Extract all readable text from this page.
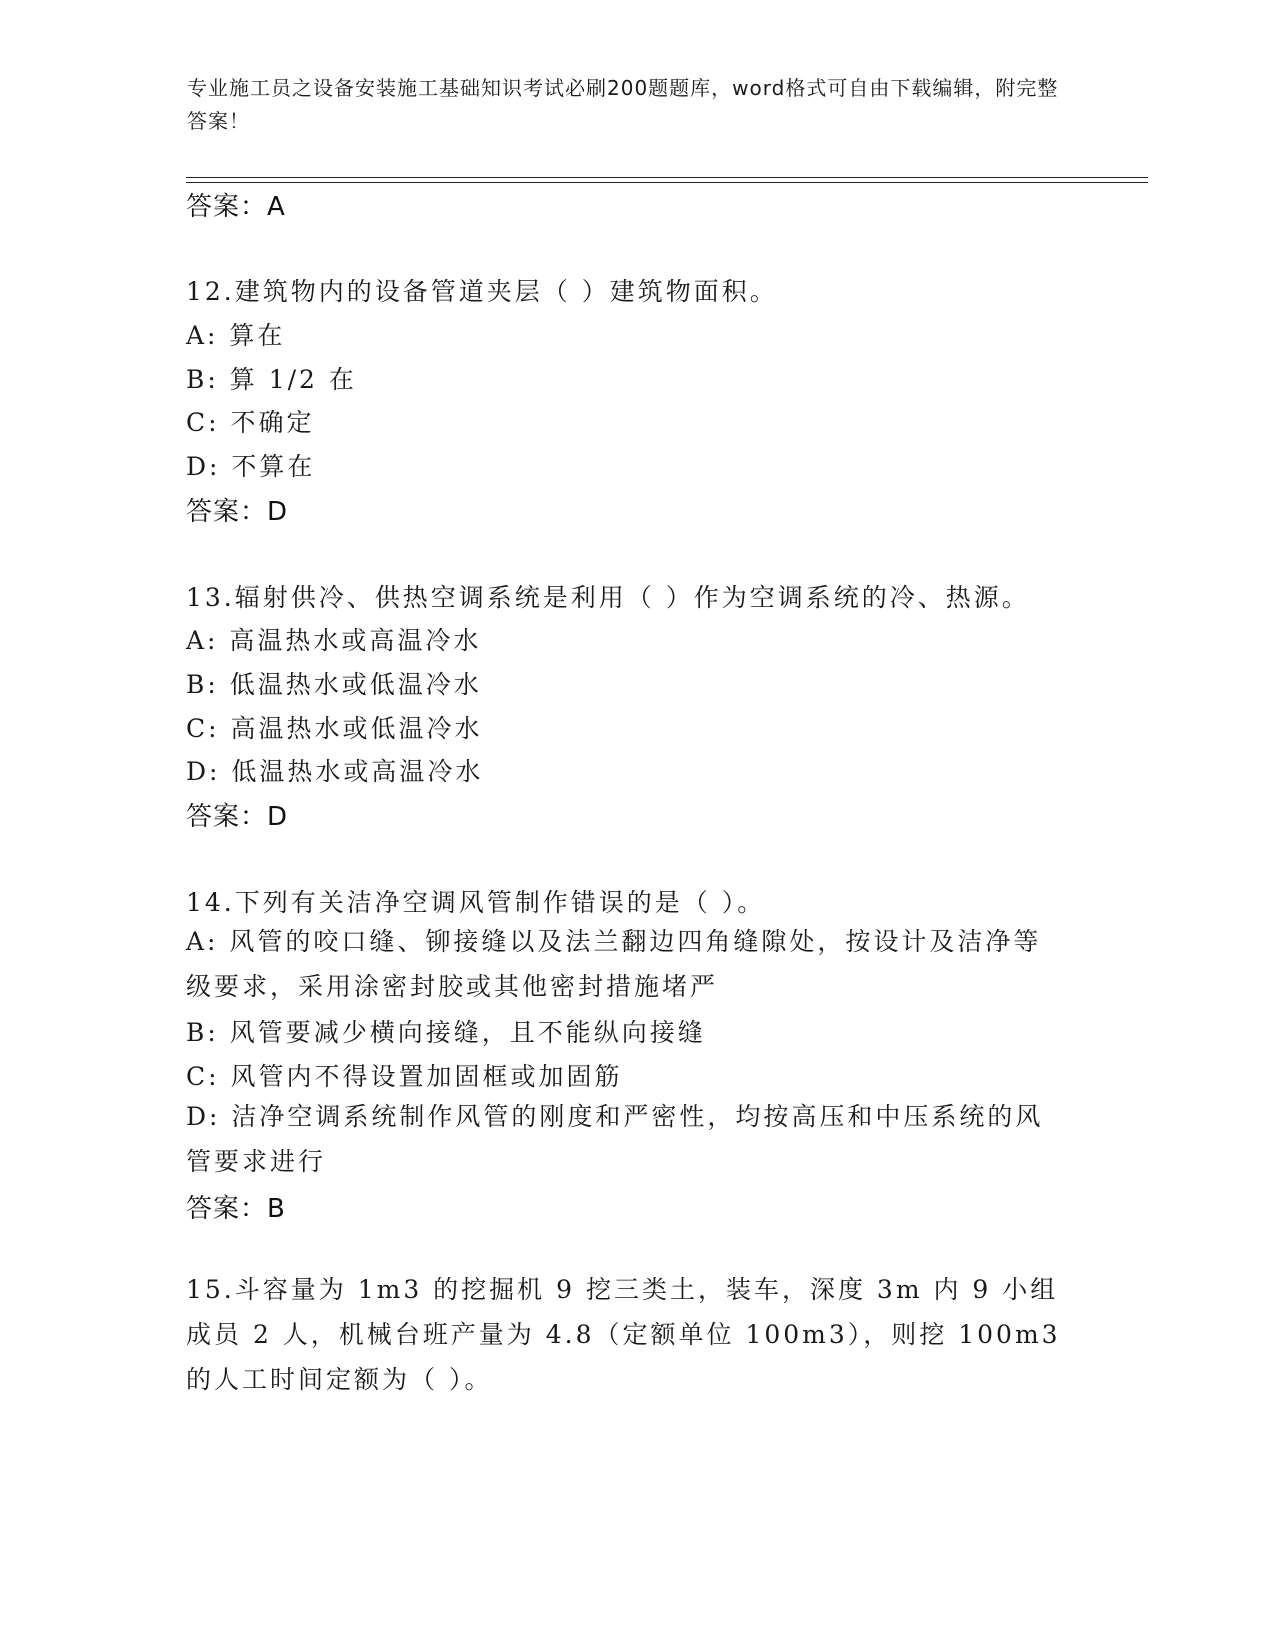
专业施工员之设备安装施工基础知识考试必刷200题题库，word格式可自由下载编辑，附完整答案！
答案：A
12.建筑物内的设备管道夹层（ ）建筑物面积。
A: 算在
B: 算 1/2 在
C: 不确定
D: 不算在
答案：D
13.辐射供冷、供热空调系统是利用（ ）作为空调系统的冷、热源。
A: 高温热水或高温冷水
B: 低温热水或低温冷水
C: 高温热水或低温冷水
D: 低温热水或高温冷水
答案：D
14.下列有关洁净空调风管制作错误的是（ ）。
A: 风管的咬口缝、铆接缝以及法兰翻边四角缝隙处，按设计及洁净等级要求，采用涂密封胶或其他密封措施堵严
B: 风管要减少横向接缝，且不能纵向接缝
C: 风管内不得设置加固框或加固筋
D: 洁净空调系统制作风管的刚度和严密性，均按高压和中压系统的风管要求进行
答案：B
15.斗容量为 1m3 的挖掘机 9 挖三类土，装车，深度 3m 内 9 小组成员 2 人，机械台班产量为 4.8（定额单位 100m3），则挖 100m3 的人工时间定额为（ ）。
